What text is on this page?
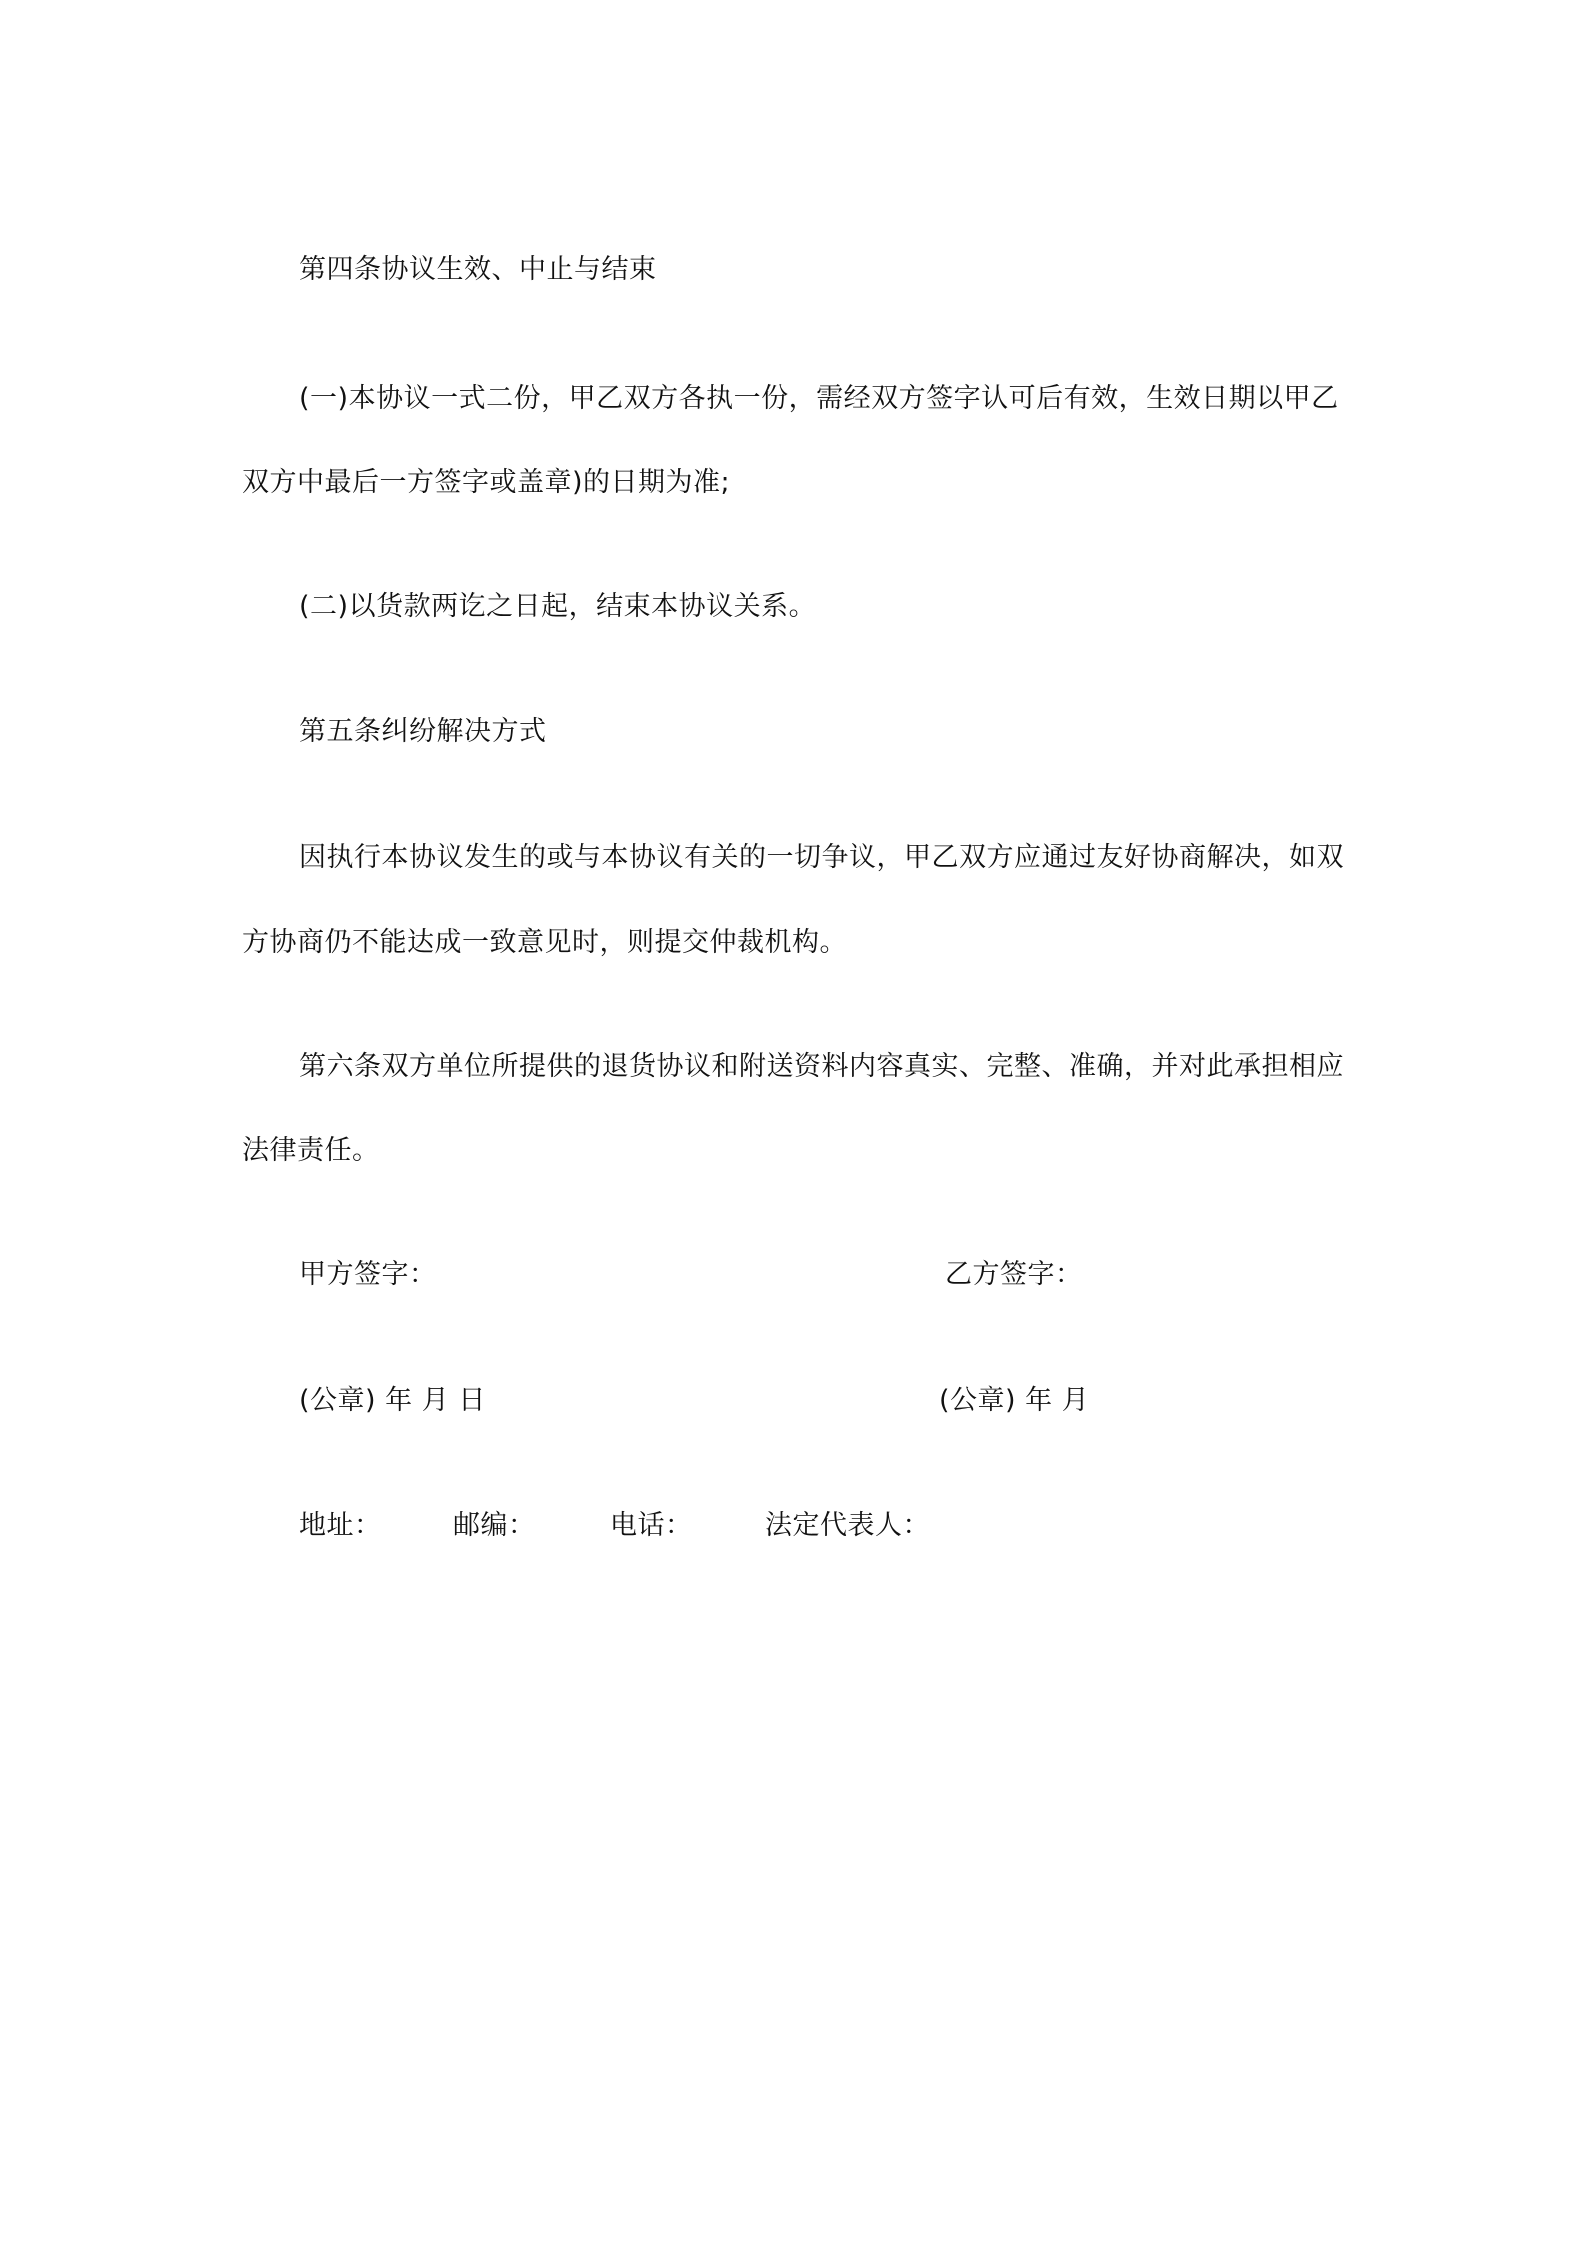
第四条协议生效、中止与结束
(一)本协议一式二份，甲乙双方各执一份，需经双方签字认可后有效，生效日期以甲乙
双方中最后一方签字或盖章)的日期为准;
(二)以货款两讫之日起，结束本协议关系。
第五条纠纷解决方式
因执行本协议发生的或与本协议有关的一切争议，甲乙双方应通过友好协商解决，如双
方协商仍不能达成一致意见时，则提交仲裁机构。
第六条双方单位所提供的退货协议和附送资料内容真实、完整、准确，并对此承担相应
法律责任。
甲方签字：	乙方签字：
(公章) 年 月 日	(公章) 年 月
地址：	邮编：	电话：	法定代表人：
